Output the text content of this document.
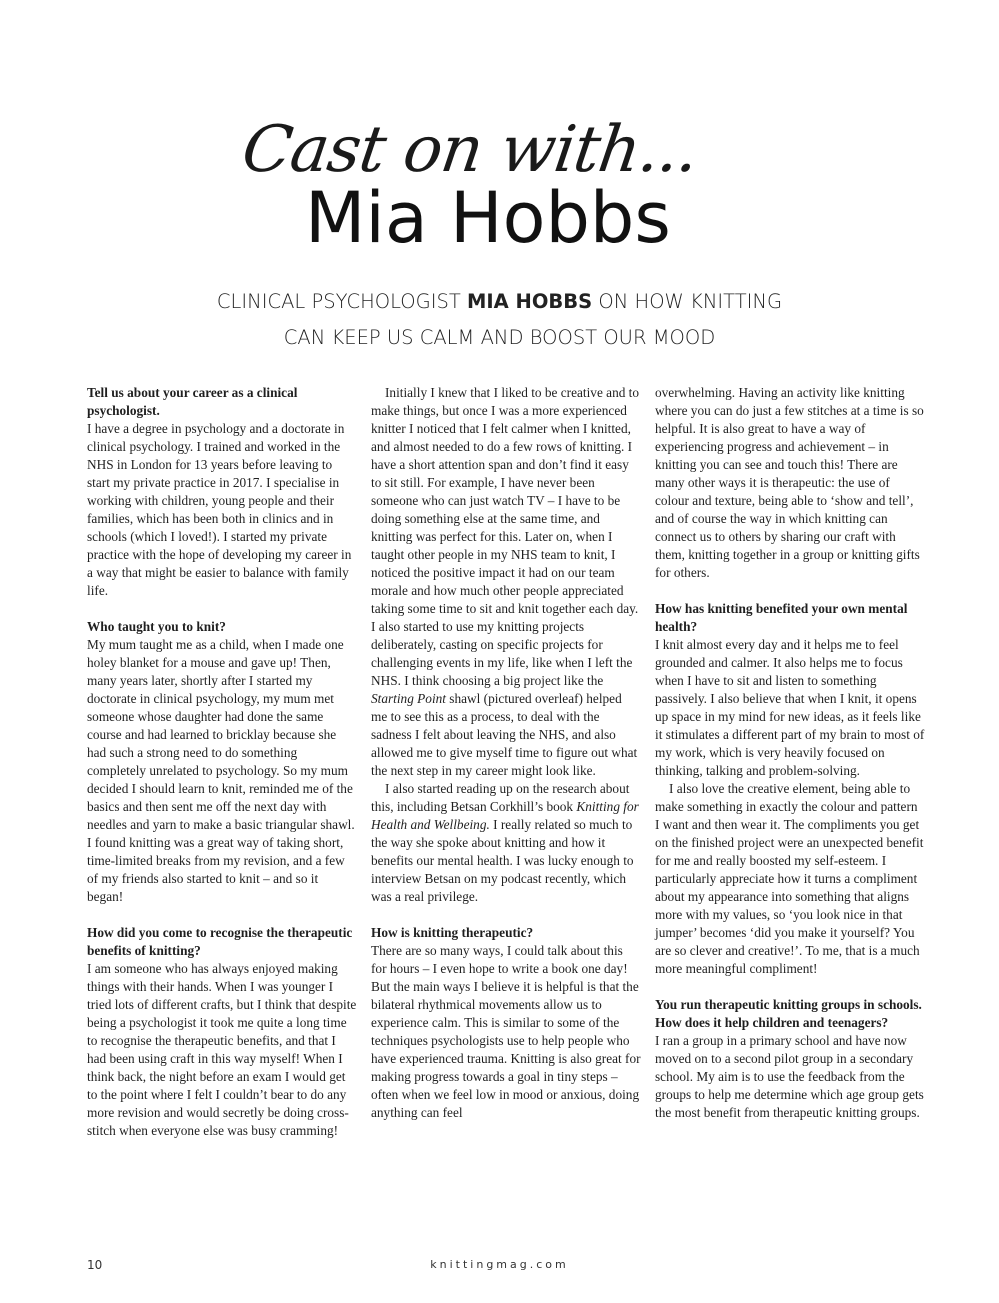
Cast on with...
Mia Hobbs
CLINICAL PSYCHOLOGIST MIA HOBBS ON HOW KNITTING
CAN KEEP US CALM AND BOOST OUR MOOD

Tell us about your career as a clinical psychologist.

I have a degree in psychology and a doctorate in clinical psychology. I trained and worked in the NHS in London for 13 years before leaving to start my private practice in 2017. I specialise in working with children, young people and their families, which has been both in clinics and in schools (which I loved!). I started my private practice with the hope of developing my career in a way that might be easier to balance with family life.

Who taught you to knit?

My mum taught me as a child, when I made one holey blanket for a mouse and gave up! Then, many years later, shortly after I started my doctorate in clinical psychology, my mum met someone whose daughter had done the same course and had learned to bricklay because she had such a strong need to do something completely unrelated to psychology. So my mum decided I should learn to knit, reminded me of the basics and then sent me off the next day with needles and yarn to make a basic triangular shawl. I found knitting was a great way of taking short, time-limited breaks from my revision, and a few of my friends also started to knit – and so it began!

How did you come to recognise the therapeutic benefits of knitting?

I am someone who has always enjoyed making things with their hands. When I was younger I tried lots of different crafts, but I think that despite being a psychologist it took me quite a long time to recognise the therapeutic benefits, and that I had been using craft in this way myself! When I think back, the night before an exam I would get to the point where I felt I couldn’t bear to do any more revision and would secretly be doing cross-stitch when everyone else was busy cramming!

Initially I knew that I liked to be creative and to make things, but once I was a more experienced knitter I noticed that I felt calmer when I knitted, and almost needed to do a few rows of knitting. I have a short attention span and don’t find it easy to sit still. For example, I have never been someone who can just watch TV – I have to be doing something else at the same time, and knitting was perfect for this. Later on, when I taught other people in my NHS team to knit, I noticed the positive impact it had on our team morale and how much other people appreciated taking some time to sit and knit together each day. I also started to use my knitting projects deliberately, casting on specific projects for challenging events in my life, like when I left the NHS. I think choosing a big project like the Starting Point shawl (pictured overleaf) helped me to see this as a process, to deal with the sadness I felt about leaving the NHS, and also allowed me to give myself time to figure out what the next step in my career might look like.

I also started reading up on the research about this, including Betsan Corkhill’s book Knitting for Health and Wellbeing. I really related so much to the way she spoke about knitting and how it benefits our mental health. I was lucky enough to interview Betsan on my podcast recently, which was a real privilege.

How is knitting therapeutic?

There are so many ways, I could talk about this for hours – I even hope to write a book one day! But the main ways I believe it is helpful is that the bilateral rhythmical movements allow us to experience calm. This is similar to some of the techniques psychologists use to help people who have experienced trauma. Knitting is also great for making progress towards a goal in tiny steps – often when we feel low in mood or anxious, doing anything can feel

overwhelming. Having an activity like knitting where you can do just a few stitches at a time is so helpful. It is also great to have a way of experiencing progress and achievement – in knitting you can see and touch this! There are many other ways it is therapeutic: the use of colour and texture, being able to ‘show and tell’, and of course the way in which knitting can connect us to others by sharing our craft with them, knitting together in a group or knitting gifts for others.

How has knitting benefited your own mental health?

I knit almost every day and it helps me to feel grounded and calmer. It also helps me to focus when I have to sit and listen to something passively. I also believe that when I knit, it opens up space in my mind for new ideas, as it feels like it stimulates a different part of my brain to most of my work, which is very heavily focused on thinking, talking and problem-solving.

I also love the creative element, being able to make something in exactly the colour and pattern I want and then wear it. The compliments you get on the finished project were an unexpected benefit for me and really boosted my self-esteem. I particularly appreciate how it turns a compliment about my appearance into something that aligns more with my values, so ‘you look nice in that jumper’ becomes ‘did you make it yourself? You are so clever and creative!’. To me, that is a much more meaningful compliment!

You run therapeutic knitting groups in schools. How does it help children and teenagers?

I ran a group in a primary school and have now moved on to a second pilot group in a secondary school. My aim is to use the feedback from the groups to help me determine which age group gets the most benefit from therapeutic knitting groups.

knittingmag.com
10
